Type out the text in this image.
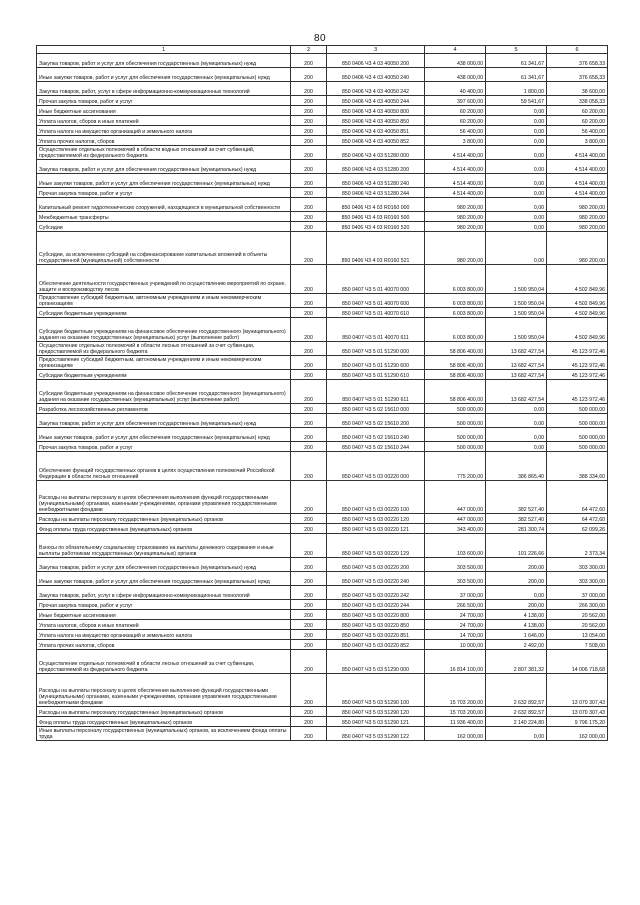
80
1	2	3	4	5	6
Закупка товаров, работ и услуг для обеспечения государственных (муниципальных) нужд	200	850 0406 Ч3 4 03 40050 200	438 000,00	61 341,67	376 658,33
Иные закупки товаров, работ и услуг для обеспечения государственных (муниципальных) нужд	200	850 0406 Ч3 4 03 40050 240	438 000,00	61 341,67	376 658,33
Закупка товаров, работ, услуг в сфере информационно-коммуникационных технологий	200	850 0406 Ч3 4 03 40050 242	40 400,00	1 800,00	38 600,00
Прочая закупка товаров, работ и услуг	200	850 0406 Ч3 4 03 40050 244	397 600,00	59 541,67	338 058,33
Иные бюджетные ассигнования	200	850 0406 Ч3 4 03 40050 800	60 200,00	0,00	60 200,00
Уплата налогов, сборов и иных платежей	200	850 0406 Ч3 4 03 40050 850	60 200,00	0,00	60 200,00
Уплата налога на имущество организаций и земельного налога	200	850 0406 Ч3 4 03 40050 851	56 400,00	0,00	56 400,00
Уплата прочих налогов, сборов	200	850 0406 Ч3 4 03 40050 852	3 800,00	0,00	3 800,00
Осуществление отдельных полномочий в области водных отношений за счет субвенций, предоставляемой из федерального бюджета	200	850 0406 Ч3 4 03 51280 000	4 514 400,00	0,00	4 514 400,00
Закупка товаров, работ и услуг для обеспечения государственных (муниципальных) нужд	200	850 0406 Ч3 4 03 51280 200	4 514 400,00	0,00	4 514 400,00
Иные закупки товаров, работ и услуг для обеспечения государственных (муниципальных) нужд	200	850 0406 Ч3 4 03 51280 240	4 514 400,00	0,00	4 514 400,00
Прочая закупка товаров, работ и услуг	200	850 0406 Ч3 4 03 51280 244	4 514 400,00	0,00	4 514 400,00
Капитальный ремонт гидротехнических сооружений, находящихся в муниципальной собственности	200	850 0406 Ч3 4 03 R0160 000	980 200,00	0,00	980 200,00
Межбюджетные трансферты	200	850 0406 Ч3 4 03 R0160 500	980 200,00	0,00	980 200,00
Субсидии	200	850 0406 Ч3 4 03 R0160 520	980 200,00	0,00	980 200,00
Субсидии, за исключением субсидий на софинансирование капитальных вложений в объекты государственной (муниципальной) собственности	200	850 0406 Ч3 4 03 R0160 521	980 200,00	0,00	980 200,00
Обеспечение деятельности государственных учреждений по осуществлению мероприятий по охране, защите и воспроизводству лесов	200	850 0407 Ч3 5 01 40070 000	6 003 800,00	1 500 950,04	4 502 849,96
Предоставление субсидий бюджетным, автономным учреждениям и иным некоммерческим организациям	200	850 0407 Ч3 5 01 40070 600	6 003 800,00	1 500 950,04	4 502 849,96
Субсидии бюджетным учреждениям	200	850 0407 Ч3 5 01 40070 610	6 003 800,00	1 500 950,04	4 502 849,96
Субсидии бюджетным учреждениям на финансовое обеспечение государственного (муниципального) задания на оказание государственных (муниципальных) услуг (выполнение работ)	200	850 0407 Ч3 5 01 40070 611	6 003 800,00	1 500 950,04	4 502 849,96
Осуществление отдельных полномочий в области лесных отношений за счет субвенции, предоставляемой из федерального бюджета	200	850 0407 Ч3 5 01 51290 000	58 806 400,00	13 682 427,54	45 123 972,46
Предоставление субсидий бюджетным, автономным учреждениям и иным некоммерческим организациям	200	850 0407 Ч3 5 01 51290 600	58 806 400,00	13 682 427,54	45 123 972,46
Субсидии бюджетным учреждениям	200	850 0407 Ч3 5 01 51290 610	58 806 400,00	13 682 427,54	45 123 972,46
Субсидии бюджетным учреждениям на финансовое обеспечение государственного (муниципального) задания на оказание государственных (муниципальных) услуг (выполнение работ)	200	850 0407 Ч3 5 01 51290 611	58 806 400,00	13 682 427,54	45 123 972,46
Разработка лесохозяйственных регламентов	200	850 0407 Ч3 5 02 15610 000	500 000,00	0,00	500 000,00
Закупка товаров, работ и услуг для обеспечения государственных (муниципальных) нужд	200	850 0407 Ч3 5 02 15610 200	500 000,00	0,00	500 000,00
Иные закупки товаров, работ и услуг для обеспечения государственных (муниципальных) нужд	200	850 0407 Ч3 5 02 15610 240	500 000,00	0,00	500 000,00
Прочая закупка товаров, работ и услуг	200	850 0407 Ч3 5 02 15610 244	500 000,00	0,00	500 000,00
Обеспечение функций государственных органов в целях осуществления полномочий Российской Федерации в области лесных отношений	200	850 0407 Ч3 5 03 00220 000	775 200,00	386 865,40	388 334,60
Расходы на выплаты персоналу в целях обеспечения выполнения функций государственными (муниципальными) органами, казенными учреждениями, органами управления государственными внебюджетными фондами	200	850 0407 Ч3 5 03 00220 100	447 000,00	382 527,40	64 472,60
Расходы на выплаты персоналу государственных (муниципальных) органов	200	850 0407 Ч3 5 03 00220 120	447 000,00	382 527,40	64 472,60
Фонд оплаты труда государственных (муниципальных) органов	200	850 0407 Ч3 5 03 00220 121	343 400,00	281 300,74	62 099,26
Взносы по обязательному социальному страхованию на выплаты денежного содержания и иные выплаты работникам государственных (муниципальных) органов	200	850 0407 Ч3 5 03 00220 129	103 600,00	101 226,66	2 373,34
Закупка товаров, работ и услуг для обеспечения государственных (муниципальных) нужд	200	850 0407 Ч3 5 03 00220 200	303 500,00	200,00	303 300,00
Иные закупки товаров, работ и услуг для обеспечения государственных (муниципальных) нужд	200	850 0407 Ч3 5 03 00220 240	303 500,00	200,00	303 300,00
Закупка товаров, работ, услуг в сфере информационно-коммуникационных технологий	200	850 0407 Ч3 5 03 00220 242	37 000,00	0,00	37 000,00
Прочая закупка товаров, работ и услуг	200	850 0407 Ч3 5 03 00220 244	266 500,00	200,00	266 300,00
Иные бюджетные ассигнования	200	850 0407 Ч3 5 03 00220 800	24 700,00	4 138,00	20 562,00
Уплата налогов, сборов и иных платежей	200	850 0407 Ч3 5 03 00220 850	24 700,00	4 138,00	20 562,00
Уплата налога на имущество организаций и земельного налога	200	850 0407 Ч3 5 03 00220 851	14 700,00	1 646,00	13 054,00
Уплата прочих налогов, сборов	200	850 0407 Ч3 5 03 00220 852	10 000,00	2 492,00	7 508,00
Осуществление отдельных полномочий в области лесных отношений за счет субвенции, предоставляемой из федерального бюджета	200	850 0407 Ч3 5 03 51290 000	16 814 100,00	2 807 381,32	14 006 718,68
Расходы на выплаты персоналу в целях обеспечения выполнения функций государственными (муниципальными) органами, казенными учреждениями, органами управления государственными внебюджетными фондами	200	850 0407 Ч3 5 03 51290 100	15 703 200,00	2 632 892,57	13 070 307,43
Расходы на выплаты персоналу государственных (муниципальных) органов	200	850 0407 Ч3 5 03 51290 120	15 703 200,00	2 632 892,57	13 070 307,43
Фонд оплаты труда государственных (муниципальных) органов	200	850 0407 Ч3 5 03 51290 121	11 936 400,00	2 140 224,80	9 796 175,20
Иные выплаты персоналу государственных (муниципальных) органов, за исключением фонда оплаты труда	200	850 0407 Ч3 5 03 51290 122	162 000,00	0,00	162 000,00
